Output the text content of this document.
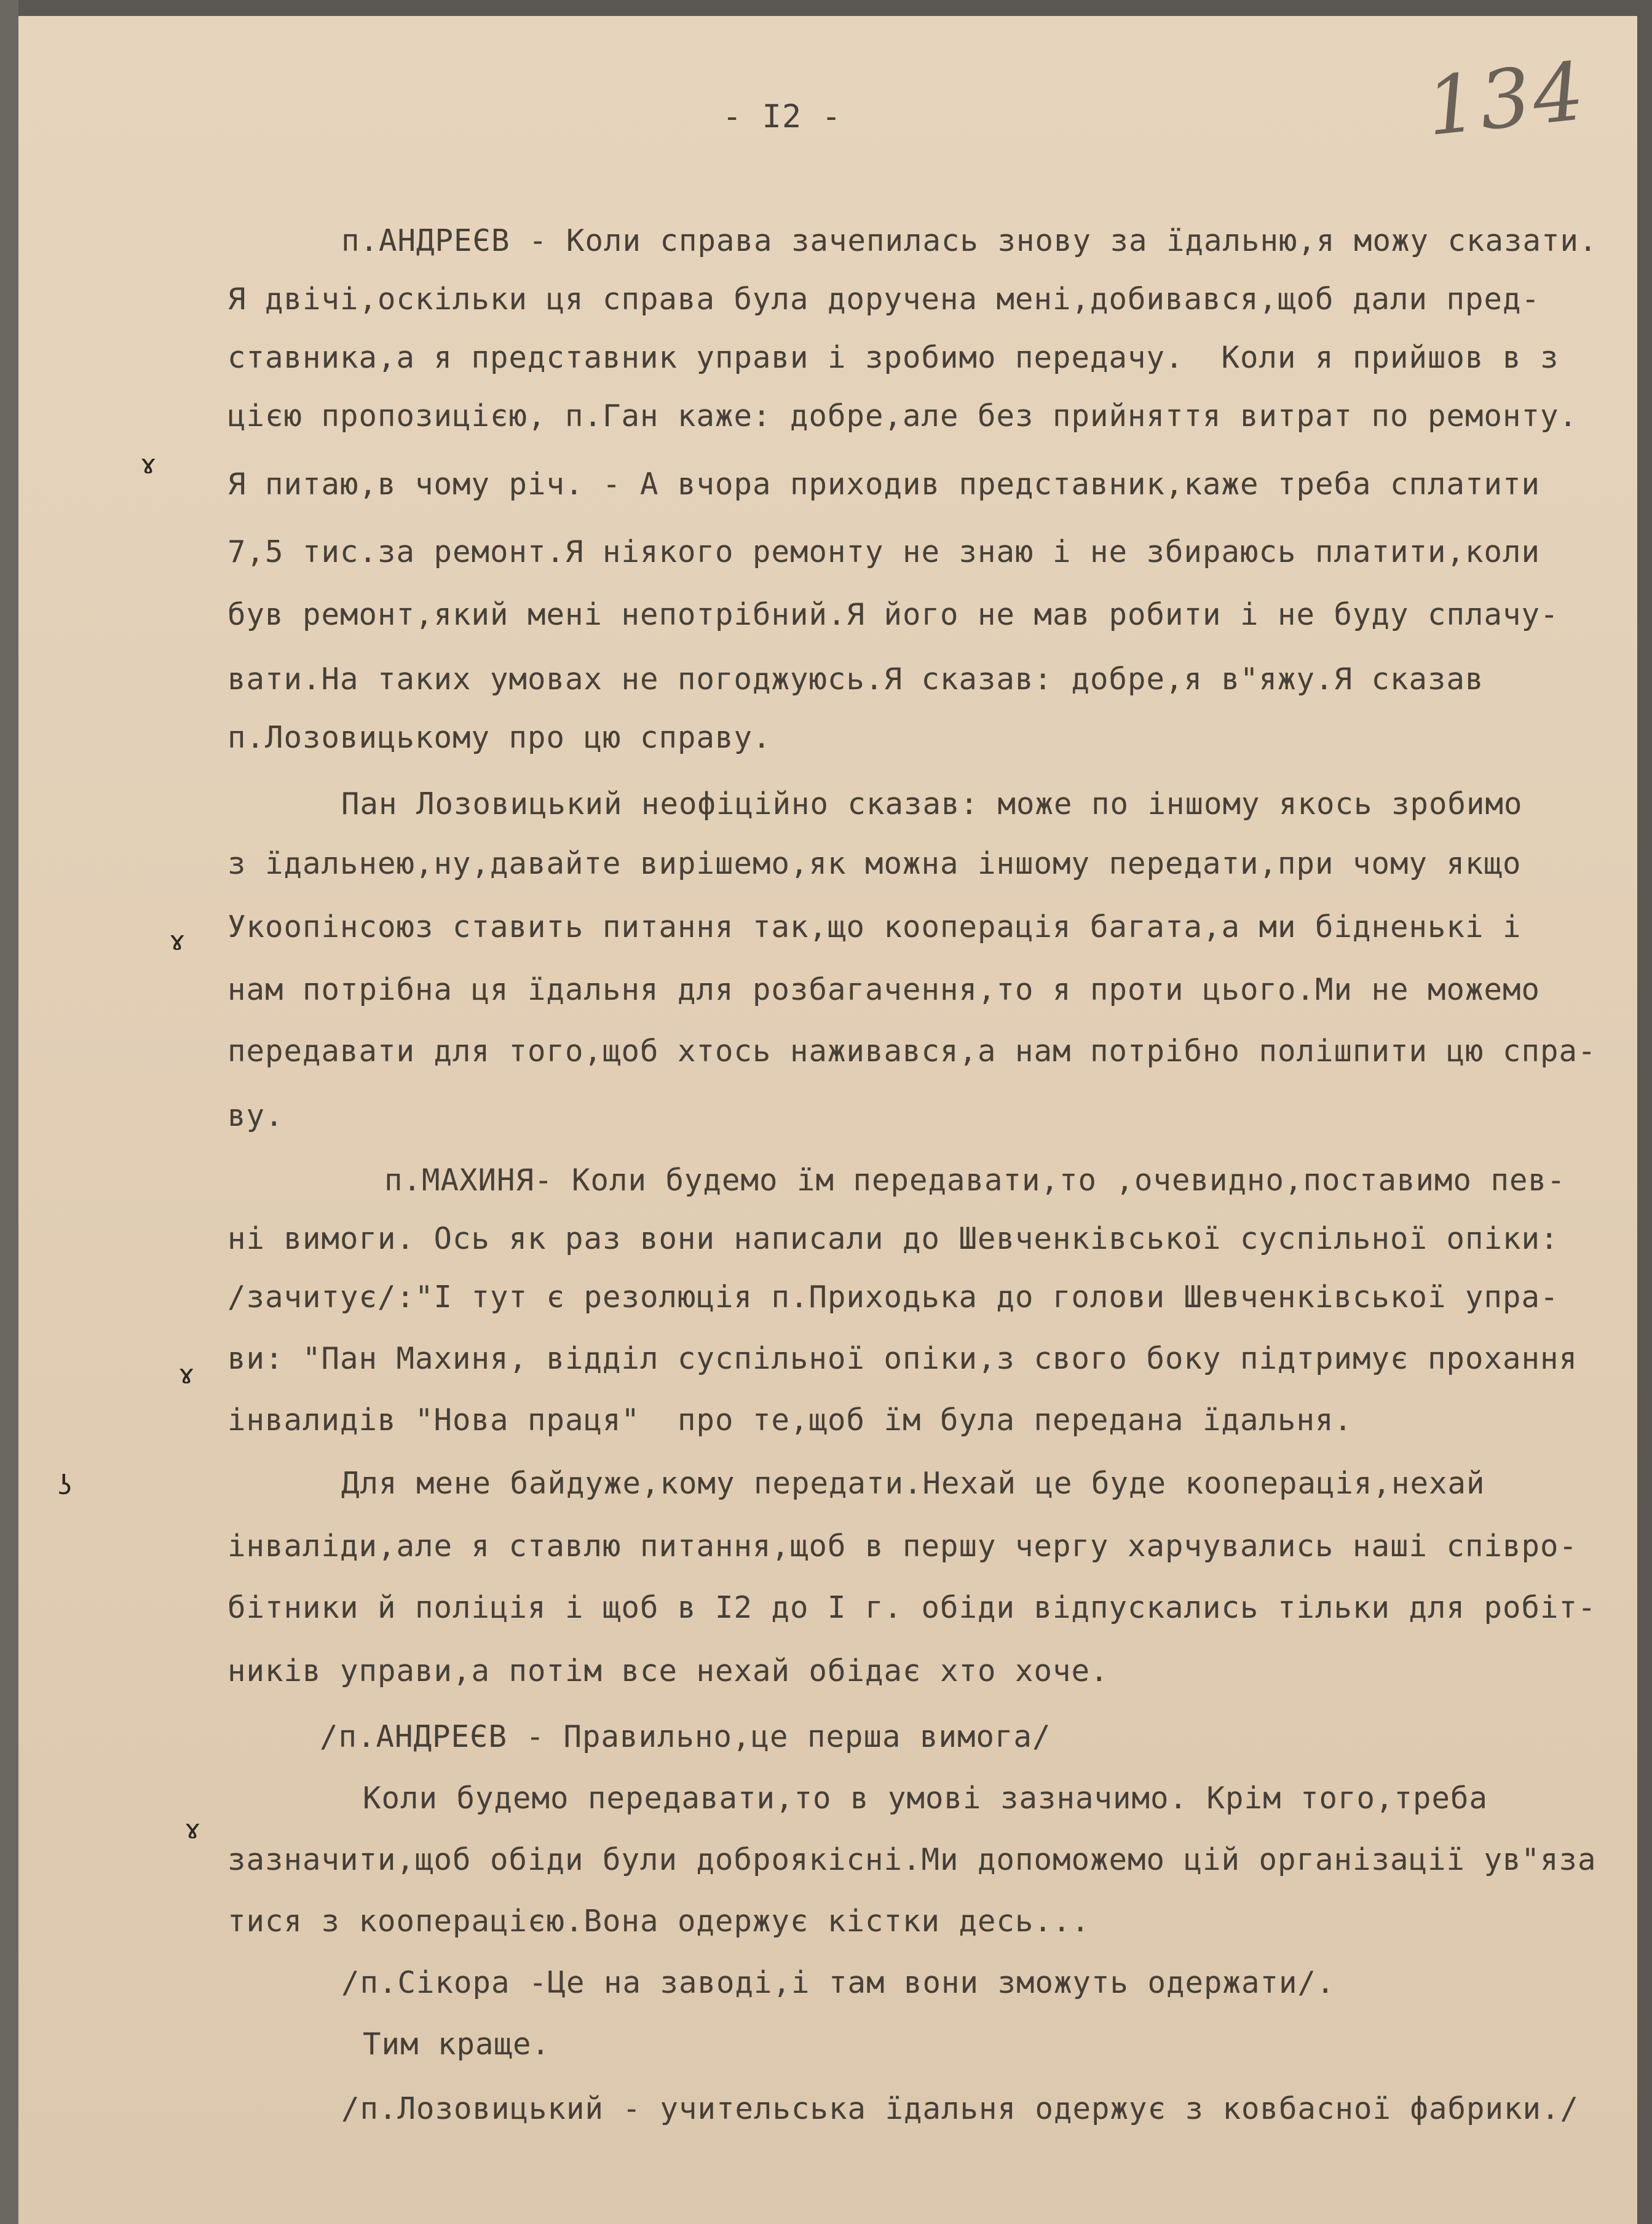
134
- I2 -
ɤ
ɤ
ɤ
ʖ
ɤ
п.АНДРЕЄВ - Коли справа зачепилась знову за їдальню,я можу сказати.
Я двічі,оскільки ця справа була доручена мені,добивався,щоб дали пред-
ставника,а я представник управи і зробимо передачу.  Коли я прийшов в з
цією пропозицією, п.Ган каже: добре,але без прийняття витрат по ремонту.
Я питаю,в чому річ. - А вчора приходив представник,каже треба сплатити
7,5 тис.за ремонт.Я ніякого ремонту не знаю і не збираюсь платити,коли
був ремонт,який мені непотрібний.Я його не мав робити і не буду сплачу-
вати.На таких умовах не погоджуюсь.Я сказав: добре,я в"яжу.Я сказав
п.Лозовицькому про цю справу.
Пан Лозовицький неофіційно сказав: може по іншому якось зробимо
з їдальнею,ну,давайте вирішемо,як можна іншому передати,при чому якщо
Укоопінсоюз ставить питання так,що кооперація багата,а ми бідненькі і
нам потрібна ця їдальня для розбагачення,то я проти цього.Ми не можемо
передавати для того,щоб хтось наживався,а нам потрібно полішпити цю спра-
ву.
п.МАХИНЯ- Коли будемо їм передавати,то ,очевидно,поставимо пев-
ні вимоги. Ось як раз вони написали до Шевченківської суспільної опіки:
/зачитує/:"І тут є резолюція п.Приходька до голови Шевченківської упра-
ви: "Пан Махиня, відділ суспільної опіки,з свого боку підтримує прохання
інвалидів "Нова праця"  про те,щоб їм була передана їдальня.
Для мене байдуже,кому передати.Нехай це буде кооперація,нехай
інваліди,але я ставлю питання,щоб в першу чергу харчувались наші співро-
бітники й поліція і щоб в I2 до I г. обіди відпускались тільки для робіт-
ників управи,а потім все нехай обідає хто хоче.
/п.АНДРЕЄВ - Правильно,це перша вимога/
Коли будемо передавати,то в умові зазначимо. Крім того,треба
зазначити,щоб обіди були доброякісні.Ми допоможемо цій організації ув"яза
тися з кооперацією.Вона одержує кістки десь...
/п.Сікора -Це на заводі,і там вони зможуть одержати/.
Тим краще.
/п.Лозовицький - учительська їдальня одержує з ковбасної фабрики./
